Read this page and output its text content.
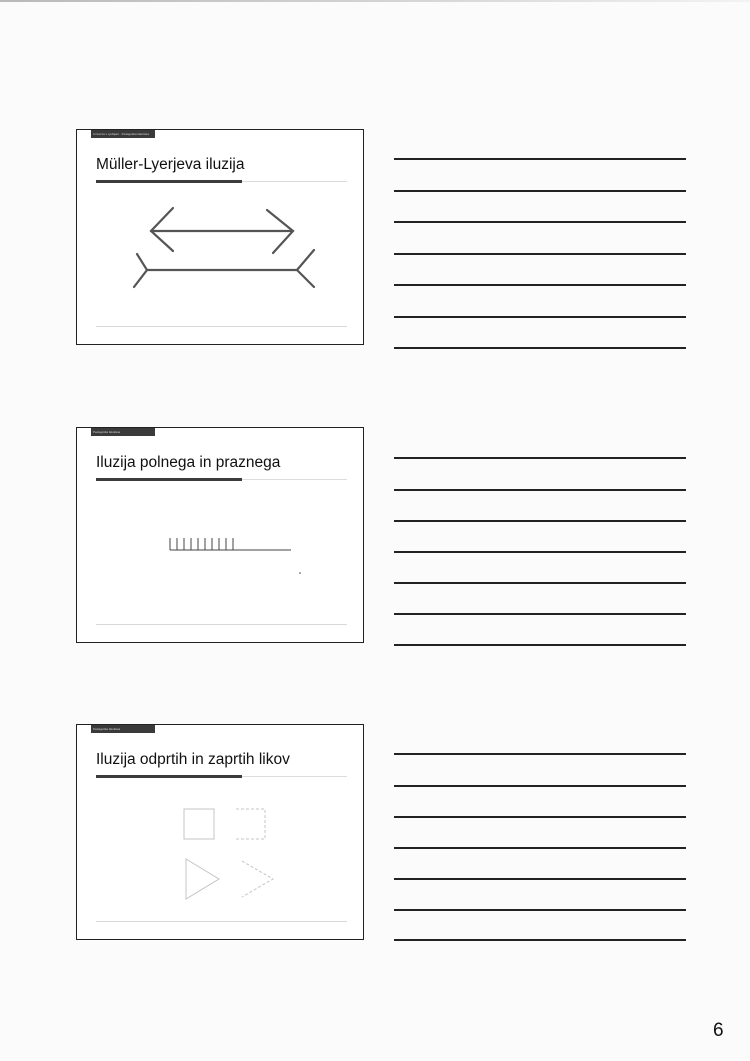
Univerza v Ljubljani · Pedagoška fakulteta
Müller-Lyerjeva iluzija
Pedagoška fakulteta
Iluzija polnega in praznega
Pedagoška fakulteta
Iluzija odprtih in zaprtih likov
6
